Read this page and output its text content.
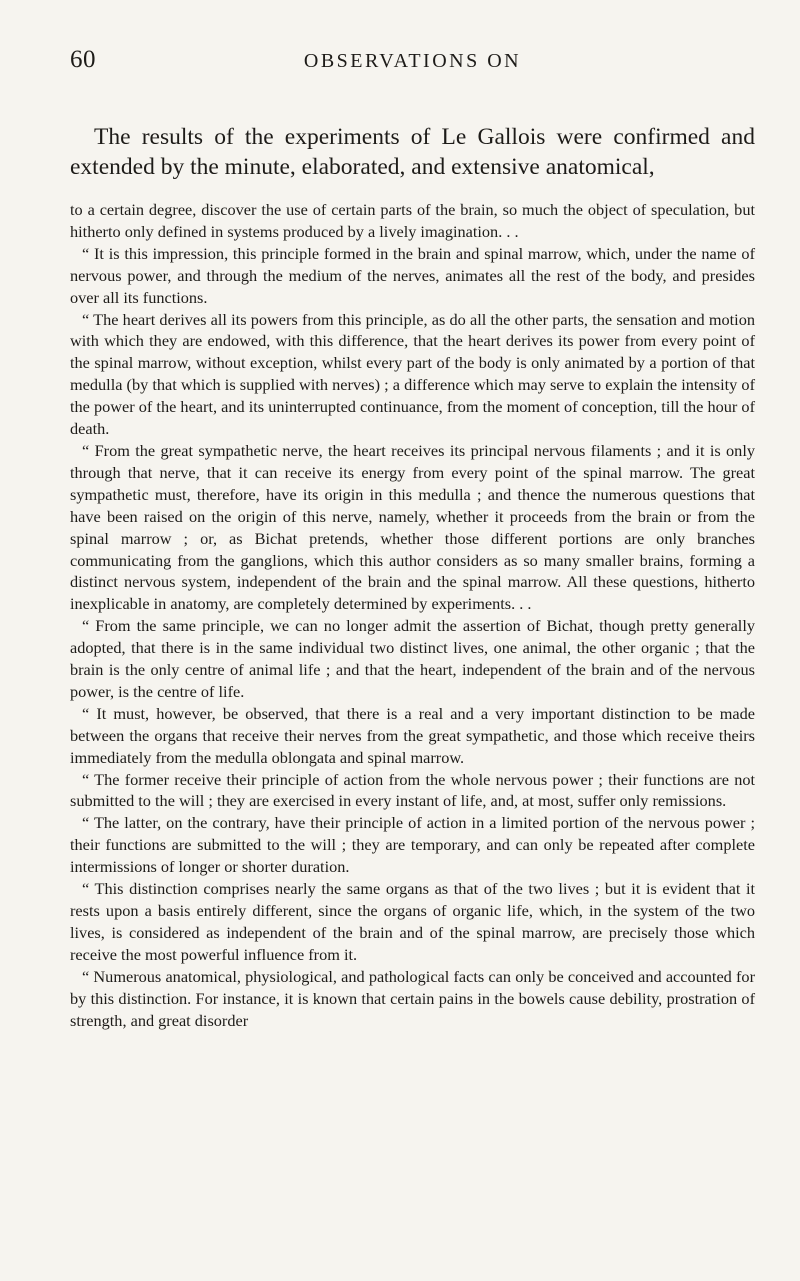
60	OBSERVATIONS ON

The results of the experiments of Le Gallois were confirmed and extended by the minute, elaborated, and extensive anatomical,

to a certain degree, discover the use of certain parts of the brain, so much the object of speculation, but hitherto only defined in systems produced by a lively imagination. . .

“ It is this impression, this principle formed in the brain and spinal marrow, which, under the name of nervous power, and through the medium of the nerves, animates all the rest of the body, and presides over all its functions.

“ The heart derives all its powers from this principle, as do all the other parts, the sensation and motion with which they are endowed, with this difference, that the heart derives its power from every point of the spinal marrow, without exception, whilst every part of the body is only animated by a portion of that medulla (by that which is supplied with nerves) ; a difference which may serve to explain the intensity of the power of the heart, and its uninterrupted continuance, from the moment of conception, till the hour of death.

“ From the great sympathetic nerve, the heart receives its principal nervous filaments ; and it is only through that nerve, that it can receive its energy from every point of the spinal marrow. The great sympathetic must, therefore, have its origin in this medulla ; and thence the numerous questions that have been raised on the origin of this nerve, namely, whether it proceeds from the brain or from the spinal marrow ; or, as Bichat pretends, whether those different portions are only branches communicating from the ganglions, which this author considers as so many smaller brains, forming a distinct nervous system, independent of the brain and the spinal marrow. All these questions, hitherto inexplicable in anatomy, are completely determined by experiments. . .

“ From the same principle, we can no longer admit the assertion of Bichat, though pretty generally adopted, that there is in the same individual two distinct lives, one animal, the other organic ; that the brain is the only centre of animal life ; and that the heart, independent of the brain and of the nervous power, is the centre of life.

“ It must, however, be observed, that there is a real and a very important distinction to be made between the organs that receive their nerves from the great sympathetic, and those which receive theirs immediately from the medulla oblongata and spinal marrow.

“ The former receive their principle of action from the whole nervous power ; their functions are not submitted to the will ; they are exercised in every instant of life, and, at most, suffer only remissions.

“ The latter, on the contrary, have their principle of action in a limited portion of the nervous power ; their functions are submitted to the will ; they are temporary, and can only be repeated after complete intermissions of longer or shorter duration.

“ This distinction comprises nearly the same organs as that of the two lives ; but it is evident that it rests upon a basis entirely different, since the organs of organic life, which, in the system of the two lives, is considered as independent of the brain and of the spinal marrow, are precisely those which receive the most powerful influence from it.

“ Numerous anatomical, physiological, and pathological facts can only be conceived and accounted for by this distinction. For instance, it is known that certain pains in the bowels cause debility, prostration of strength, and great disorder
